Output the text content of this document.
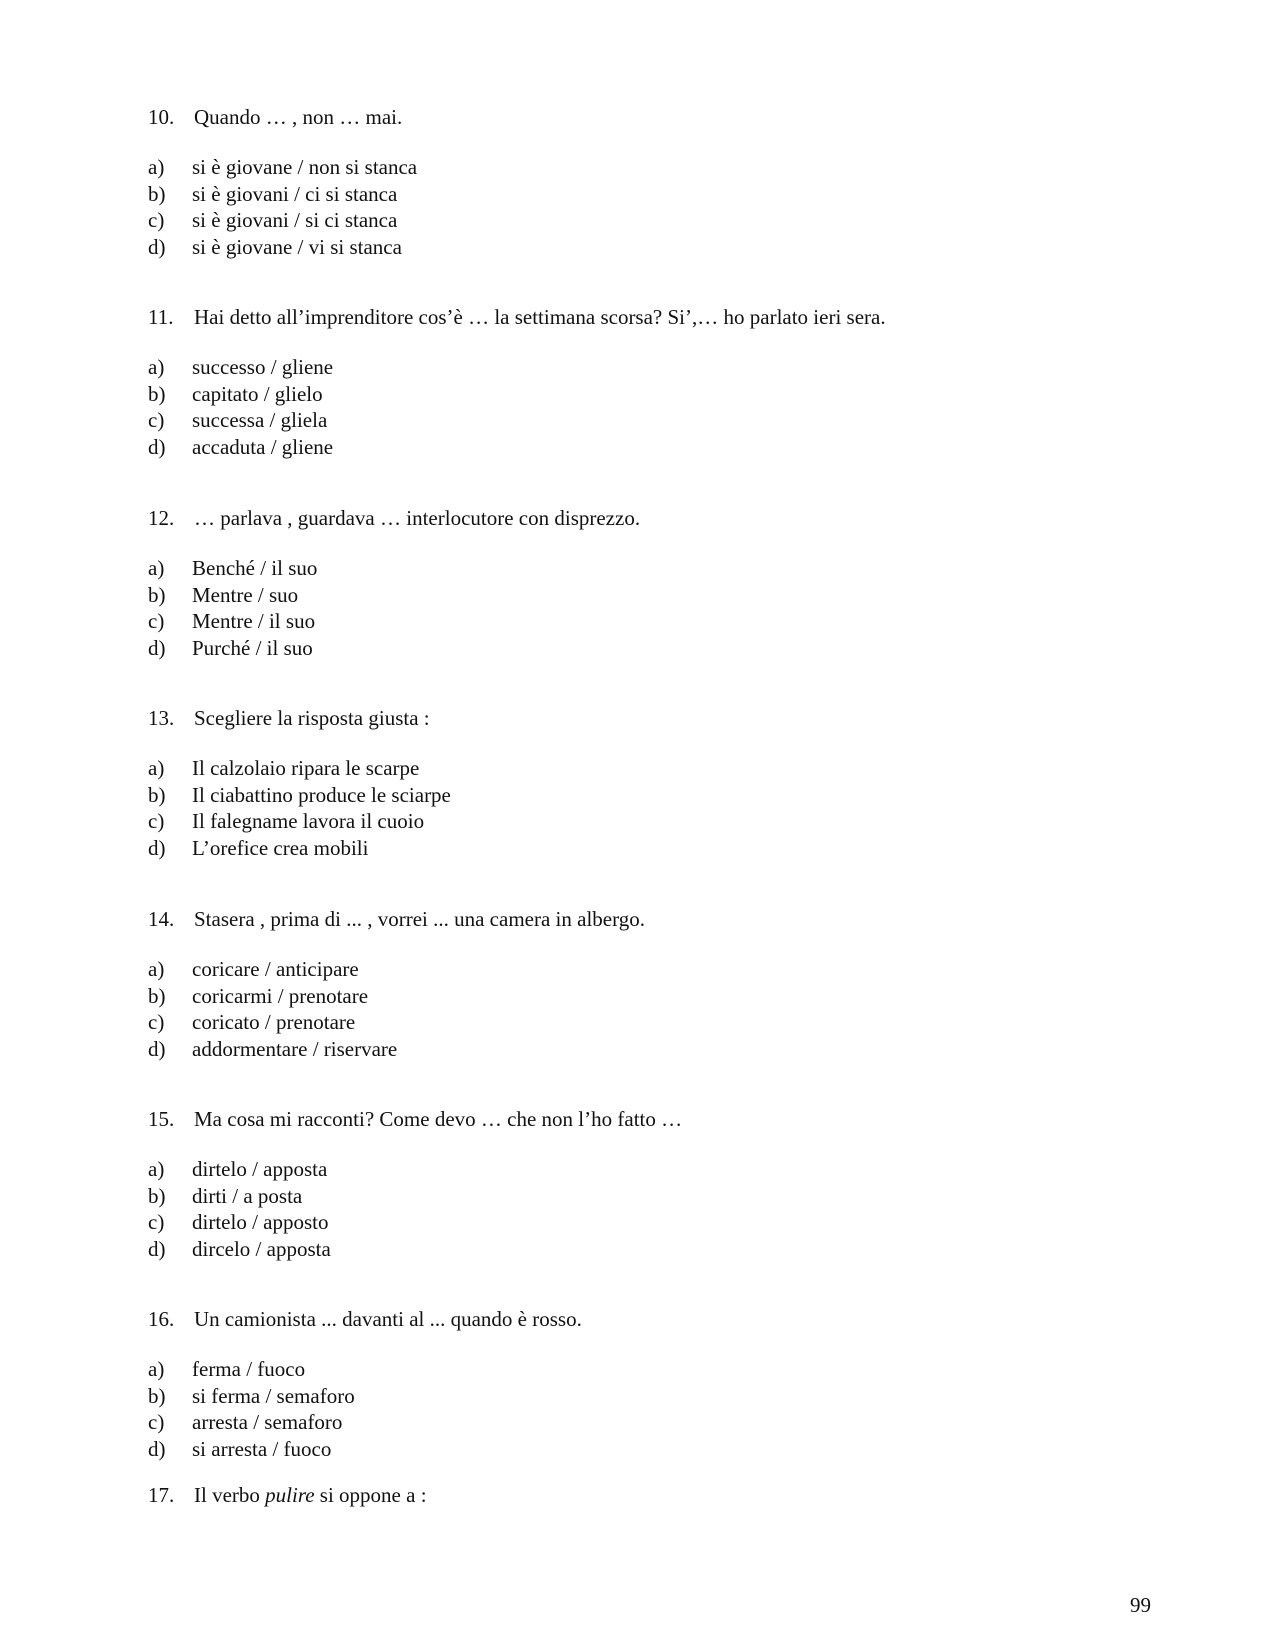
10. Quando … , non … mai.
a) si è giovane / non si stanca
b) si è giovani / ci si stanca
c) si è giovani / si ci stanca
d) si è giovane / vi si stanca
11. Hai detto all’imprenditore cos’è … la settimana scorsa? Si’,… ho parlato ieri sera.
a) successo / gliene
b) capitato / glielo
c) successa / gliela
d) accaduta / gliene
12. … parlava , guardava … interlocutore con disprezzo.
a) Benché / il suo
b) Mentre / suo
c) Mentre / il suo
d) Purché / il suo
13. Scegliere la risposta giusta :
a) Il calzolaio ripara le scarpe
b) Il ciabattino produce le sciarpe
c) Il falegname lavora il cuoio
d) L’orefice crea mobili
14. Stasera , prima di ... , vorrei ... una camera in albergo.
a) coricare / anticipare
b) coricarmi / prenotare
c) coricato / prenotare
d) addormentare / riservare
15. Ma cosa mi racconti? Come devo … che non l’ho fatto …
a) dirtelo / apposta
b) dirti / a posta
c) dirtelo / apposto
d) dircelo / apposta
16. Un camionista ... davanti al ... quando è rosso.
a) ferma / fuoco
b) si ferma / semaforo
c) arresta / semaforo
d) si arresta / fuoco
17. Il verbo pulire si oppone a :
99
